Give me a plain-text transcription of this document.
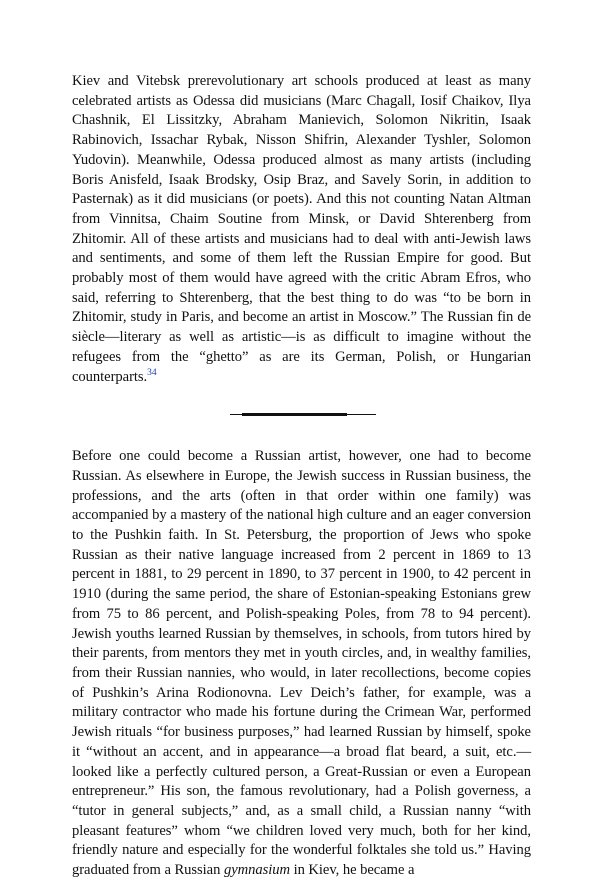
Kiev and Vitebsk prerevolutionary art schools produced at least as many celebrated artists as Odessa did musicians (Marc Chagall, Iosif Chaikov, Ilya Chashnik, El Lissitzky, Abraham Manievich, Solomon Nikritin, Isaak Rabinovich, Issachar Rybak, Nisson Shifrin, Alexander Tyshler, Solomon Yudovin). Meanwhile, Odessa produced almost as many artists (including Boris Anisfeld, Isaak Brodsky, Osip Braz, and Savely Sorin, in addition to Pasternak) as it did musicians (or poets). And this not counting Natan Altman from Vinnitsa, Chaim Soutine from Minsk, or David Shterenberg from Zhitomir. All of these artists and musicians had to deal with anti-Jewish laws and sentiments, and some of them left the Russian Empire for good. But probably most of them would have agreed with the critic Abram Efros, who said, referring to Shterenberg, that the best thing to do was “to be born in Zhitomir, study in Paris, and become an artist in Moscow.” The Russian fin de siècle—literary as well as artistic—is as difficult to imagine without the refugees from the “ghetto” as are its German, Polish, or Hungarian counterparts.$^{34}$

Before one could become a Russian artist, however, one had to become Russian. As elsewhere in Europe, the Jewish success in Russian business, the professions, and the arts (often in that order within one family) was accompanied by a mastery of the national high culture and an eager conversion to the Pushkin faith. In St. Petersburg, the proportion of Jews who spoke Russian as their native language increased from 2 percent in 1869 to 13 percent in 1881, to 29 percent in 1890, to 37 percent in 1900, to 42 percent in 1910 (during the same period, the share of Estonian-speaking Estonians grew from 75 to 86 percent, and Polish-speaking Poles, from 78 to 94 percent). Jewish youths learned Russian by themselves, in schools, from tutors hired by their parents, from mentors they met in youth circles, and, in wealthy families, from their Russian nannies, who would, in later recollections, become copies of Pushkin’s Arina Rodionovna. Lev Deich’s father, for example, was a military contractor who made his fortune during the Crimean War, performed Jewish rituals “for business purposes,” had learned Russian by himself, spoke it “without an accent, and in appearance—a broad flat beard, a suit, etc.—looked like a perfectly cultured person, a Great-Russian or even a European entrepreneur.” His son, the famous revolutionary, had a Polish governess, a “tutor in general subjects,” and, as a small child, a Russian nanny “with pleasant features” whom “we children loved very much, both for her kind, friendly nature and especially for the wonderful folktales she told us.” Having graduated from a Russian gymnasium in Kiev, he became a
